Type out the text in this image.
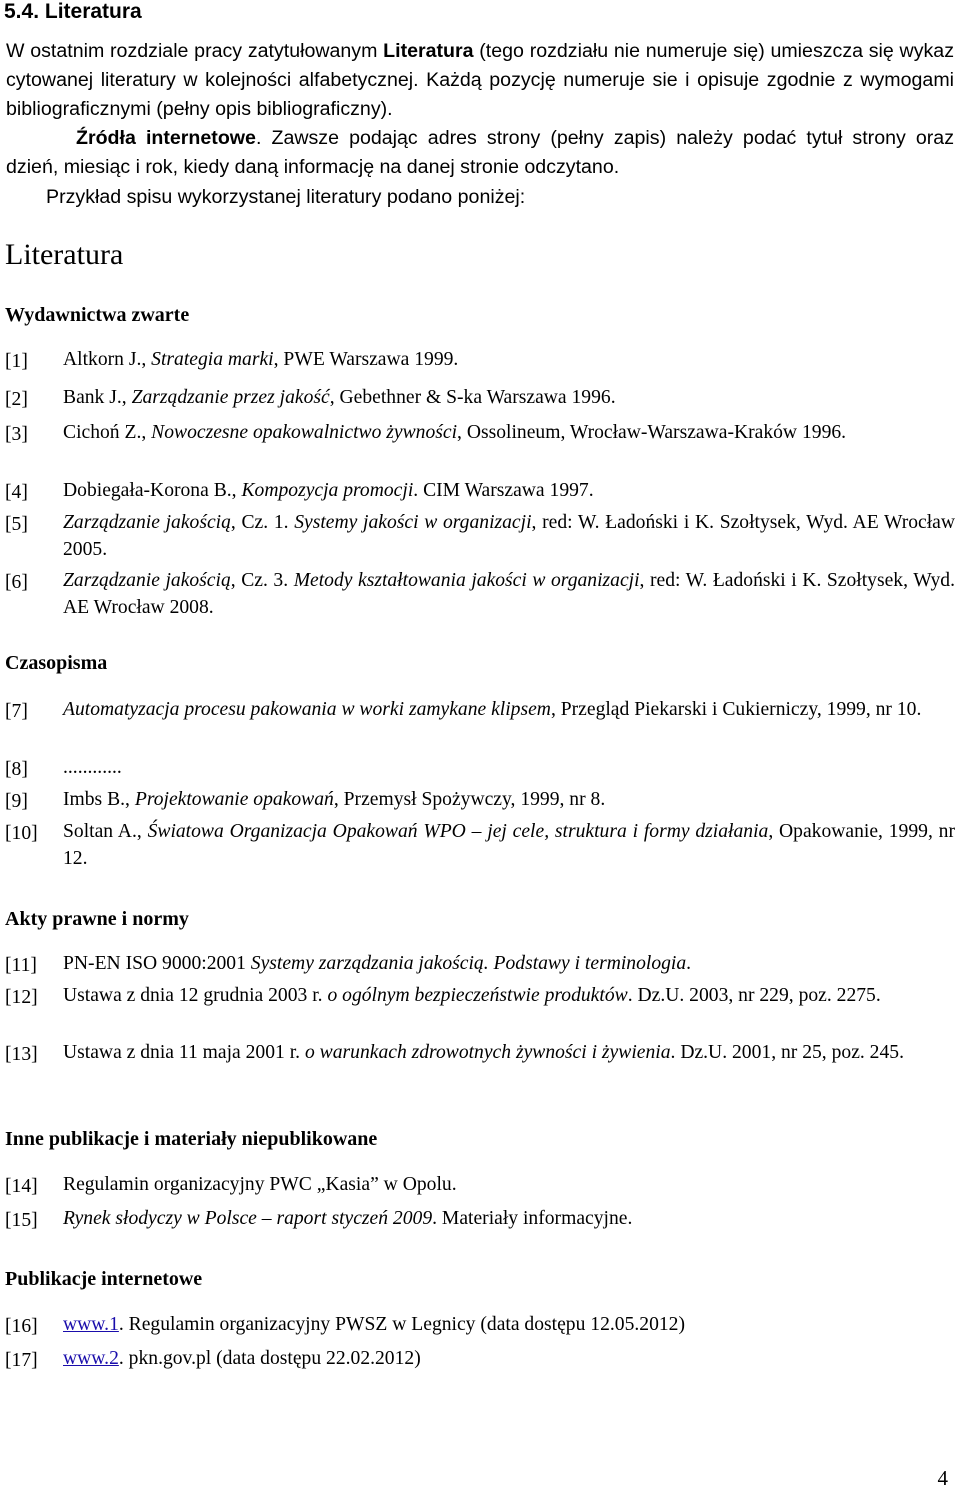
5.4. Literatura

W ostatnim rozdziale pracy zatytułowanym Literatura (tego rozdziału nie numeruje się) umieszcza się wykaz cytowanej literatury w kolejności alfabetycznej. Każdą pozycję numeruje sie i opisuje zgodnie z wymogami bibliograficznymi (pełny opis bibliograficzny).
Źródła internetowe. Zawsze podając adres strony (pełny zapis) należy podać tytuł strony oraz dzień, miesiąc i rok, kiedy daną informację na danej stronie odczytano.

Przykład spisu wykorzystanej literatury podano poniżej:
Literatura
Wydawnictwa zwarte
[1]	Altkorn J., Strategia marki, PWE Warszawa 1999.
[2]	Bank J., Zarządzanie przez jakość, Gebethner & S-ka Warszawa 1996.
[3]	Cichoń Z., Nowoczesne opakowalnictwo żywności, Ossolineum, Wrocław-Warszawa-Kraków 1996.
[4]	Dobiegała-Korona B., Kompozycja promocji. CIM Warszawa 1997.
[5]	Zarządzanie jakością, Cz. 1. Systemy jakości w organizacji, red: W. Ładoński i K. Szołtysek, Wyd. AE Wrocław 2005.
[6]	Zarządzanie jakością, Cz. 3. Metody kształtowania jakości w organizacji, red: W. Ładoński i K. Szołtysek, Wyd. AE Wrocław 2008.
Czasopisma
[7]	Automatyzacja procesu pakowania w worki zamykane klipsem, Przegląd Piekarski i Cukierniczy, 1999, nr 10.
[8]	............
[9]	Imbs B., Projektowanie opakowań, Przemysł Spożywczy, 1999, nr 8.
[10]	Soltan A., Światowa Organizacja Opakowań WPO – jej cele, struktura i formy działania, Opakowanie, 1999, nr 12.
Akty prawne i normy
[11]	PN-EN ISO 9000:2001 Systemy zarządzania jakością. Podstawy i terminologia.
[12]	Ustawa z dnia 12 grudnia 2003 r. o ogólnym bezpieczeństwie produktów. Dz.U. 2003, nr 229, poz. 2275.
[13]	Ustawa z dnia 11 maja 2001 r. o warunkach zdrowotnych żywności i żywienia. Dz.U. 2001, nr 25, poz. 245.
Inne publikacje i materiały niepublikowane
[14]	Regulamin organizacyjny PWC „Kasia” w Opolu.
[15]	Rynek słodyczy w Polsce – raport styczeń 2009. Materiały informacyjne.
Publikacje internetowe
[16]	www.1. Regulamin organizacyjny PWSZ w Legnicy (data dostępu 12.05.2012)
[17]	www.2. pkn.gov.pl (data dostępu 22.02.2012)
4
